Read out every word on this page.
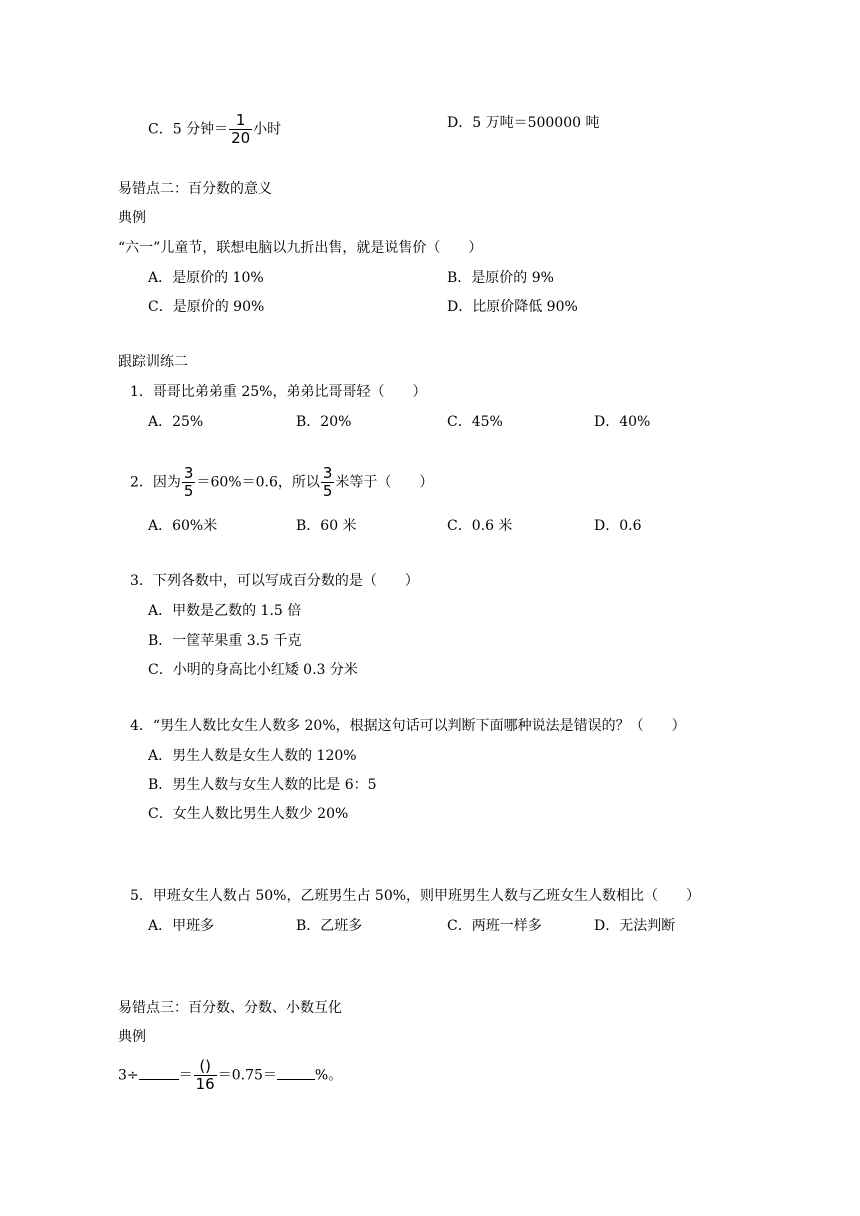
C．5 分钟＝ $\frac{1}{20}$ 小时	D．5 万吨＝500000 吨
易错点二：百分数的意义
典例
“六一”儿童节，联想电脑以九折出售，就是说售价（　　）
A．是原价的 10%	B．是原价的 9%
C．是原价的 90%	D．比原价降低 90%
跟踪训练二
1．哥哥比弟弟重 25%，弟弟比哥哥轻（　　）
A．25%	B．20%	C．45%	D．40%
2．因为 $\frac{3}{5} =60\%=0.6$，所以 $\frac{3}{5}$ 米等于（　　）
A．60%米	B．60 米	C．0.6 米	D．0.6
3．下列各数中，可以写成百分数的是（　　）
A．甲数是乙数的 1.5 倍
B．一筐苹果重 3.5 千克
C．小明的身高比小红矮 0.3 分米
4．“男生人数比女生人数多 20%，根据这句话可以判断下面哪种说法是错误的？（　　）
A．男生人数是女生人数的 120%
B．男生人数与女生人数的比是 6：5
C．女生人数比男生人数少 20%
5．甲班女生人数占 50%，乙班男生占 50%，则甲班男生人数与乙班女生人数相比（　　）
A．甲班多	B．乙班多	C．两班一样多	D．无法判断
易错点三：百分数、分数、小数互化
典例
3÷	＝ $\frac{()}{16} =0.75=$	%。
